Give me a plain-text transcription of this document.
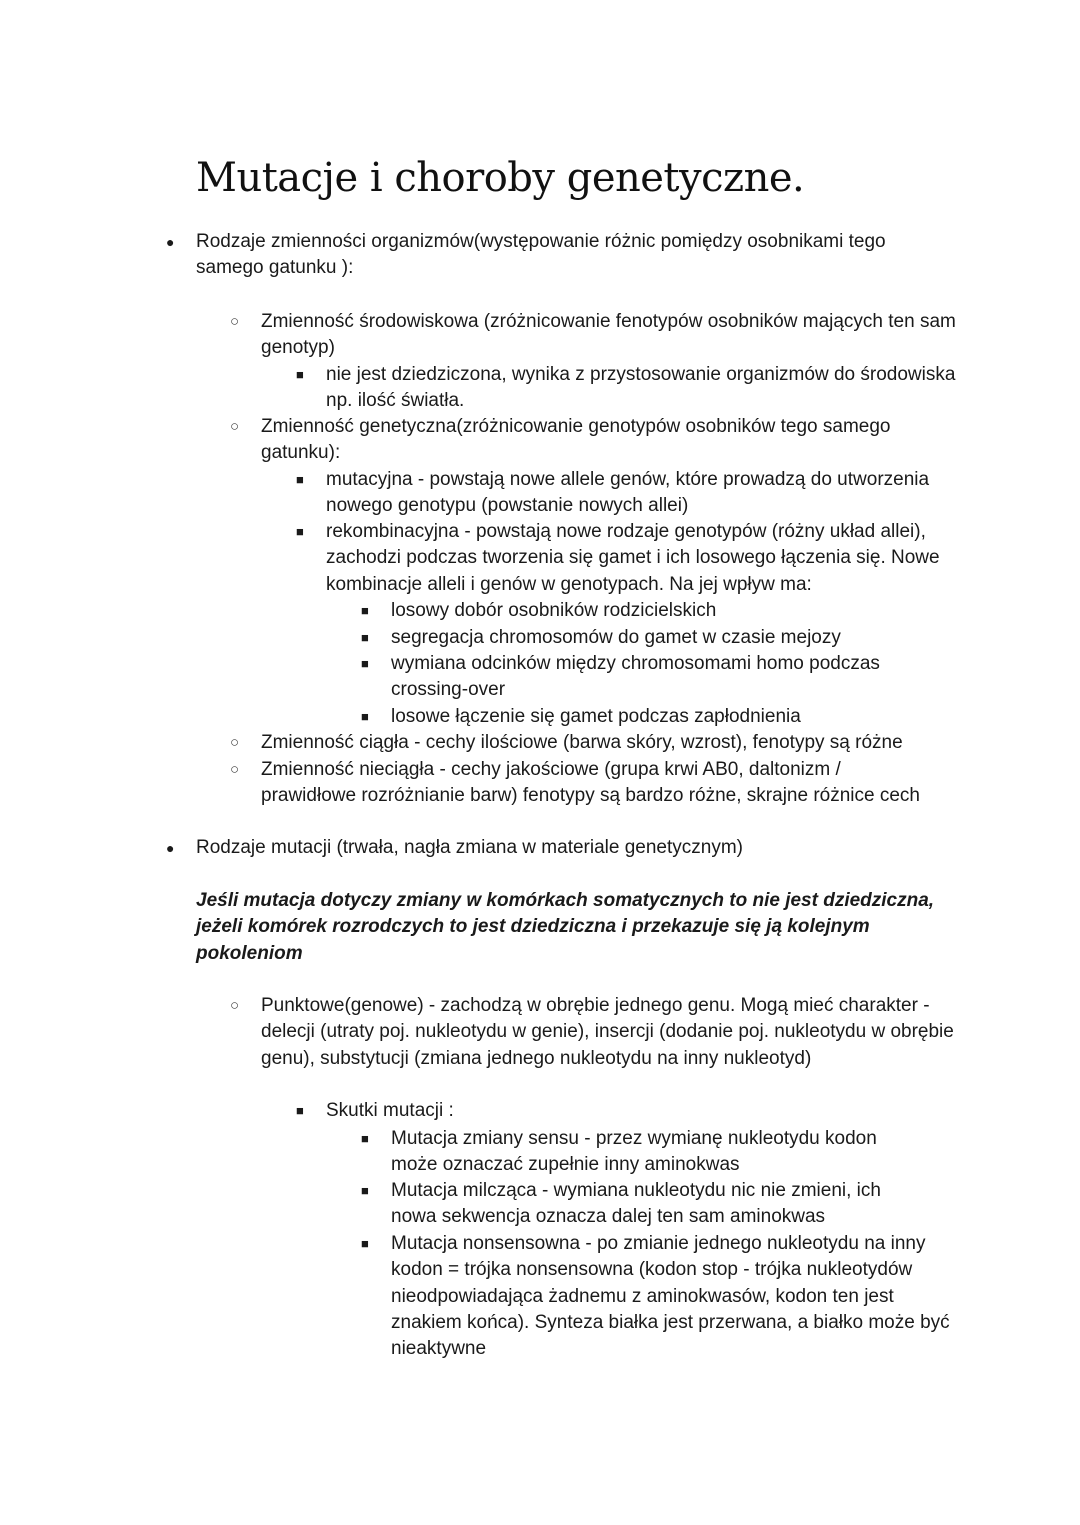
Mutacje i choroby genetyczne.
● Rodzaje zmienności organizmów(występowanie różnic pomiędzy osobnikami tego samego gatunku ):
○ Zmienność środowiskowa (zróżnicowanie fenotypów osobników mających ten sam genotyp)
■ nie jest dziedziczona, wynika z przystosowanie organizmów do środowiska np. ilość światła.
○ Zmienność genetyczna(zróżnicowanie genotypów osobników tego samego gatunku):
■ mutacyjna - powstają nowe allele genów, które prowadzą do utworzenia nowego genotypu (powstanie nowych allei)
■ rekombinacyjna - powstają nowe rodzaje genotypów (różny układ allei), zachodzi podczas tworzenia się gamet i ich losowego łączenia się. Nowe kombinacje alleli i genów w genotypach. Na jej wpływ ma:
■ losowy dobór osobników rodzicielskich
■ segregacja chromosomów do gamet w czasie mejozy
■ wymiana odcinków między chromosomami homo podczas crossing-over
■ losowe łączenie się gamet podczas zapłodnienia
○ Zmienność ciągła - cechy ilościowe (barwa skóry, wzrost), fenotypy są różne
○ Zmienność nieciągła - cechy jakościowe (grupa krwi AB0, daltonizm / prawidłowe rozróżnianie barw) fenotypy są bardzo różne, skrajne różnice cech
● Rodzaje mutacji (trwała, nagła zmiana w materiale genetycznym)
Jeśli mutacja dotyczy zmiany w komórkach somatycznych to nie jest dziedziczna, jeżeli komórek rozrodczych to jest dziedziczna i przekazuje się ją kolejnym pokoleniom
○ Punktowe(genowe) - zachodzą w obrębie jednego genu. Mogą mieć charakter - delecji (utraty poj. nukleotydu w genie), insercji (dodanie poj. nukleotydu w obrębie genu), substytucji (zmiana jednego nukleotydu na inny nukleotyd)
■ Skutki mutacji :
■ Mutacja zmiany sensu - przez wymianę nukleotydu kodon może oznaczać zupełnie inny aminokwas
■ Mutacja milcząca - wymiana nukleotydu nic nie zmieni, ich nowa sekwencja oznacza dalej ten sam aminokwas
■ Mutacja nonsensowna - po zmianie jednego nukleotydu na inny kodon = trójka nonsensowna (kodon stop - trójka nukleotydów nieodpowiadająca żadnemu z aminokwasów, kodon ten jest znakiem końca). Synteza białka jest przerwana, a białko może być nieaktywne
